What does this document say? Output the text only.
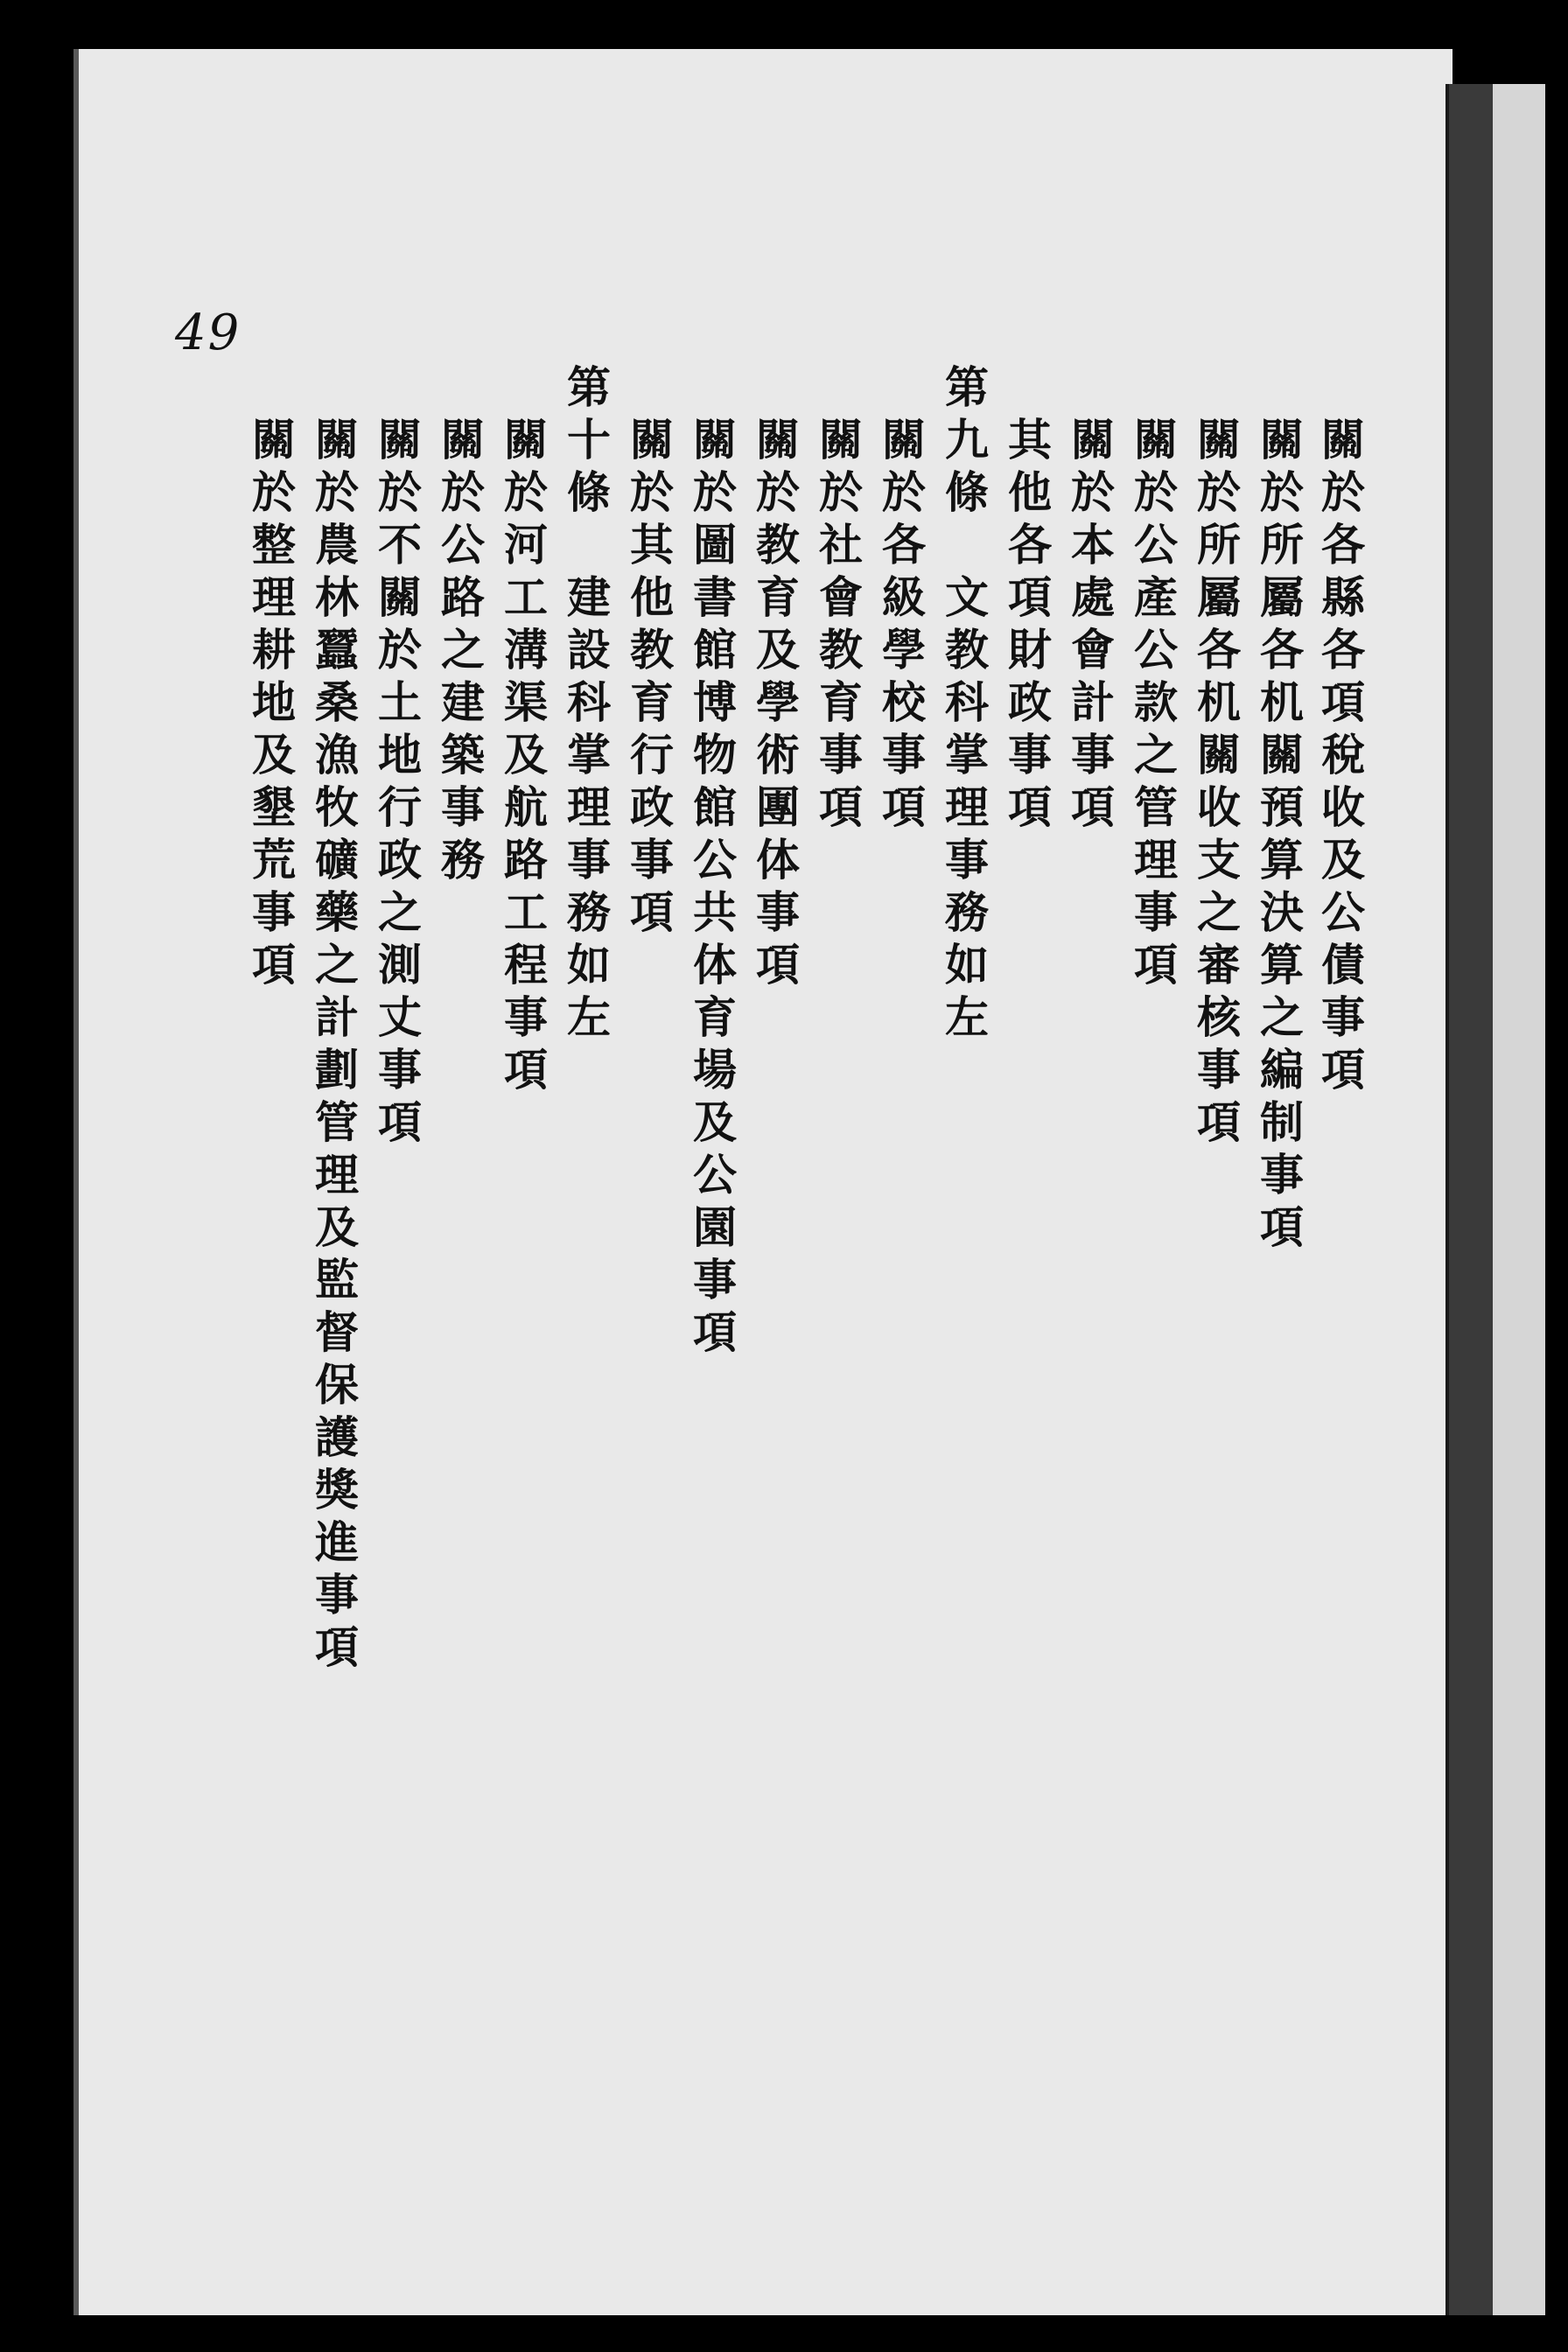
49
關於各縣各項稅收及公債事項
關於所屬各机關預算決算之編制事項
關於所屬各机關收支之審核事項
關於公產公款之管理事項
關於本處會計事項
其他各項財政事項
第九條　文教科掌理事務如左
關於各級學校事項
關於社會教育事項
關於教育及學術團体事項
關於圖書館博物館公共体育場及公園事項
關於其他教育行政事項
第十條　建設科掌理事務如左
關於河工溝渠及航路工程事項
關於公路之建築事務
關於不關於土地行政之測丈事項
關於農林蠶桑漁牧礦藥之計劃管理及監督保護獎進事項
關於整理耕地及墾荒事項
